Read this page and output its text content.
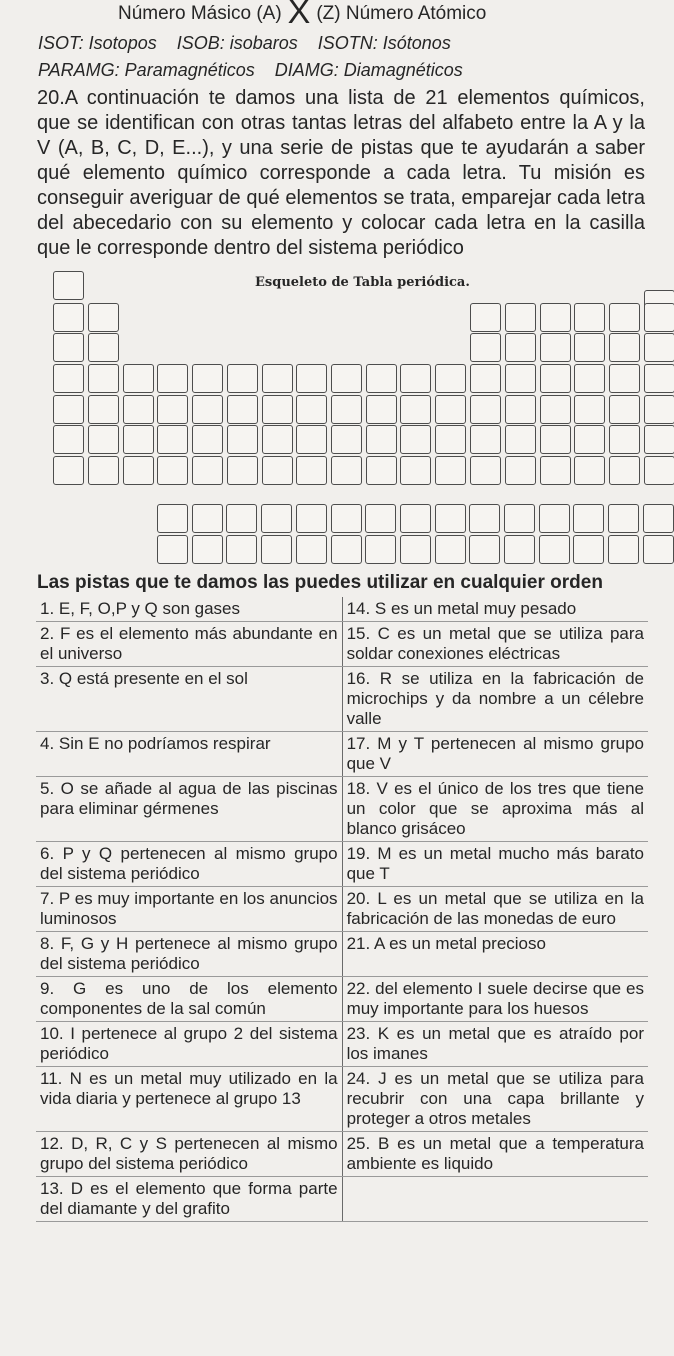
Número Másico (A) X (Z) Número Atómico
ISOT: Isotopos    ISOB: isobaros    ISOTN: Isótonos
PARAMG: Paramagnéticos    DIAMG: Diamagnéticos
20.A continuación te damos una lista de 21 elementos químicos, que se identifican con otras tantas letras del alfabeto entre la A y la V (A, B, C, D, E...), y una serie de pistas que te ayudarán a saber qué elemento químico corresponde a cada letra. Tu misión es conseguir averiguar de qué elementos se trata, emparejar cada letra del abecedario con su elemento y colocar cada letra en la casilla que le corresponde dentro del sistema periódico
Esqueleto de Tabla periódica.
Las pistas que te damos las puedes utilizar en cualquier orden
1. E, F, O,P y Q son gases	14. S es un metal muy pesado
2. F es el elemento más abundante en el universo	15. C es un metal que se utiliza para soldar conexiones eléctricas
3. Q está presente en el sol	16. R se utiliza en la fabricación de microchips y da nombre a un célebre valle
4. Sin E no podríamos respirar	17. M y T pertenecen al mismo grupo que V
5. O se añade al agua de las piscinas para eliminar gérmenes	18. V es el único de los tres que tiene un color que se aproxima más al blanco grisáceo
6. P y Q pertenecen al mismo grupo del sistema periódico	19. M es un metal mucho más barato que T
7. P es muy importante en los anuncios luminosos	20. L es un metal que se utiliza en la fabricación de las monedas de euro
8. F, G y H pertenece al mismo grupo del sistema periódico	21. A es un metal precioso
9. G es uno de los elemento componentes de la sal común	22. del elemento I suele decirse que es muy importante para los huesos
10. I pertenece al grupo 2 del sistema periódico	23. K es un metal que es atraído por los imanes
11. N es un metal muy utilizado en la vida diaria y pertenece al grupo 13	24. J es un metal que se utiliza para recubrir con una capa brillante y proteger a otros metales
12. D, R, C y S pertenecen al mismo grupo del sistema periódico	25. B es un metal que a temperatura ambiente es liquido
13. D es el elemento que forma parte del diamante y del grafito	
